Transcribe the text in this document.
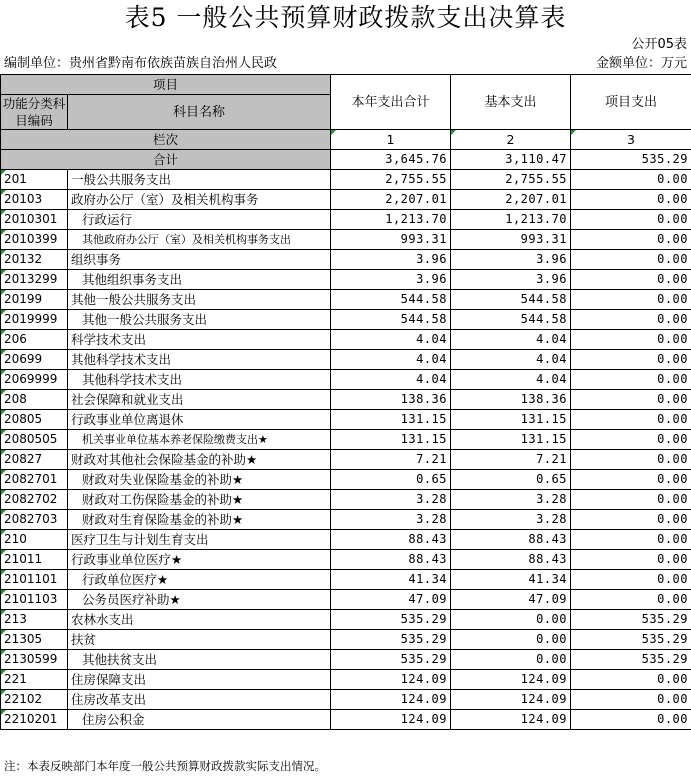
表5 一般公共预算财政拨款支出决算表
公开05表
编制单位：贵州省黔南布依族苗族自治州人民政	金额单位：万元
项目		本年支出合计	基本支出	项目支出
功能分类科目编码	科目名称			

栏次		1	2	3
合计		3,645.76	3,110.47	535.29
201	一般公共服务支出	2,755.55	2,755.55	0.00
20103	政府办公厅（室）及相关机构事务	2,207.01	2,207.01	0.00
2010301	行政运行	1,213.70	1,213.70	0.00
2010399	其他政府办公厅（室）及相关机构事务支出	993.31	993.31	0.00
20132	组织事务	3.96	3.96	0.00
2013299	其他组织事务支出	3.96	3.96	0.00
20199	其他一般公共服务支出	544.58	544.58	0.00
2019999	其他一般公共服务支出	544.58	544.58	0.00
206	科学技术支出	4.04	4.04	0.00
20699	其他科学技术支出	4.04	4.04	0.00
2069999	其他科学技术支出	4.04	4.04	0.00
208	社会保障和就业支出	138.36	138.36	0.00
20805	行政事业单位离退休	131.15	131.15	0.00
2080505	机关事业单位基本养老保险缴费支出★	131.15	131.15	0.00
20827	财政对其他社会保险基金的补助★	7.21	7.21	0.00
2082701	财政对失业保险基金的补助★	0.65	0.65	0.00
2082702	财政对工伤保险基金的补助★	3.28	3.28	0.00
2082703	财政对生育保险基金的补助★	3.28	3.28	0.00
210	医疗卫生与计划生育支出	88.43	88.43	0.00
21011	行政事业单位医疗★	88.43	88.43	0.00
2101101	行政单位医疗★	41.34	41.34	0.00
2101103	公务员医疗补助★	47.09	47.09	0.00
213	农林水支出	535.29	0.00	535.29
21305	扶贫	535.29	0.00	535.29
2130599	其他扶贫支出	535.29	0.00	535.29
221	住房保障支出	124.09	124.09	0.00
22102	住房改革支出	124.09	124.09	0.00
2210201	住房公积金	124.09	124.09	0.00
注：本表反映部门本年度一般公共预算财政拨款实际支出情况。
